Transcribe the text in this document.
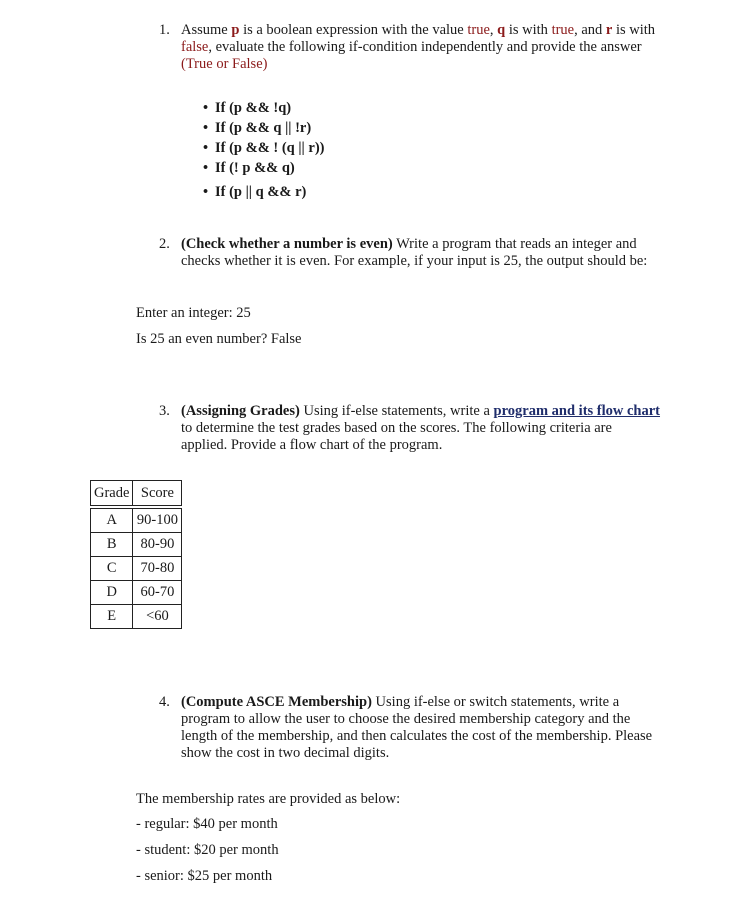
1. Assume p is a boolean expression with the value true, q is with true, and r is with
false, evaluate the following if-condition independently and provide the answer
(True or False)
• If (p && !q)
• If (p && q || !r)
• If (p && ! (q || r))
• If (! p && q)
• If (p || q && r)
2. (Check whether a number is even) Write a program that reads an integer and
checks whether it is even. For example, if your input is 25, the output should be:
Enter an integer: 25
Is 25 an even number? False
3. (Assigning Grades) Using if-else statements, write a program and its flow chart
to determine the test grades based on the scores. The following criteria are
applied. Provide a flow chart of the program.
Grade	Score
A	90-100
B	80-90
C	70-80
D	60-70
E	<60
4. (Compute ASCE Membership) Using if-else or switch statements, write a
program to allow the user to choose the desired membership category and the
length of the membership, and then calculates the cost of the membership. Please
show the cost in two decimal digits.
The membership rates are provided as below:
- regular: $40 per month
- student: $20 per month
- senior: $25 per month
